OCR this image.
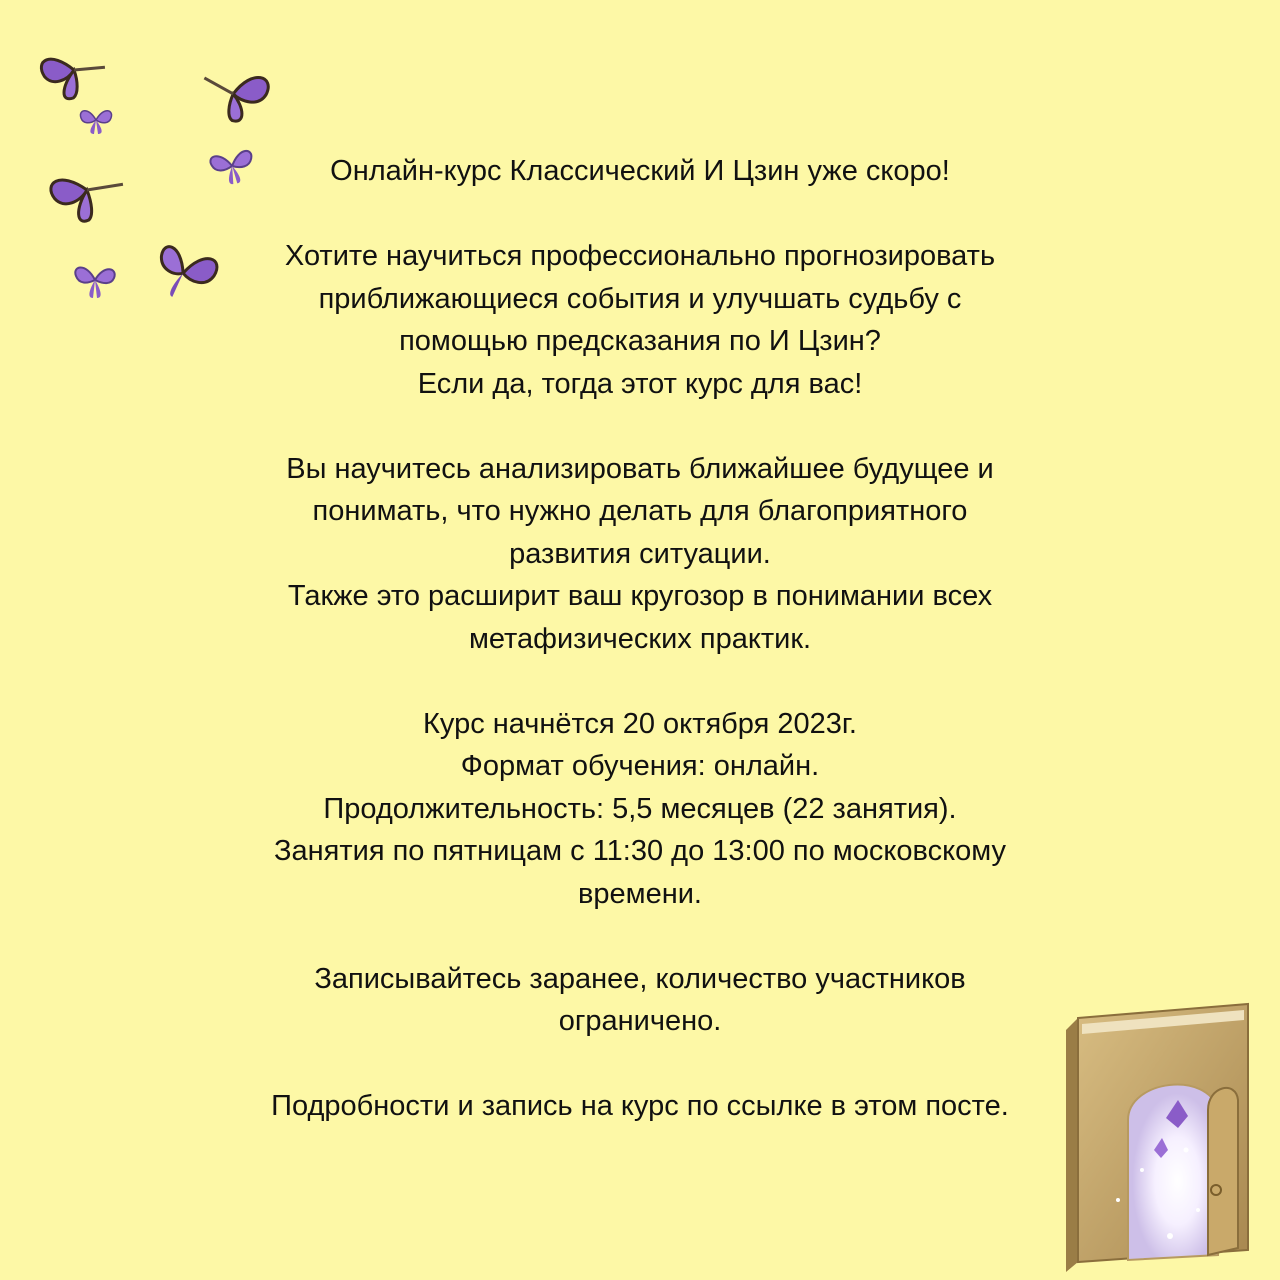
Онлайн-курс Классический И Цзин уже скоро!

Хотите научиться профессионально прогнозировать
приближающиеся события и улучшать судьбу с
помощью предсказания по И Цзин?
Если да, тогда этот курс для вас!

Вы научитесь анализировать ближайшее будущее и
понимать, что нужно делать для благоприятного
развития ситуации.
Также это расширит ваш кругозор в понимании всех
метафизических практик.

Курс начнётся 20 октября 2023г.
Формат обучения: онлайн.
Продолжительность: 5,5 месяцев (22 занятия).
Занятия по пятницам с 11:30 до 13:00 по московскому
времени.

Записывайтесь заранее, количество участников
ограничено.

Подробности и запись на курс по ссылке в этом посте.
